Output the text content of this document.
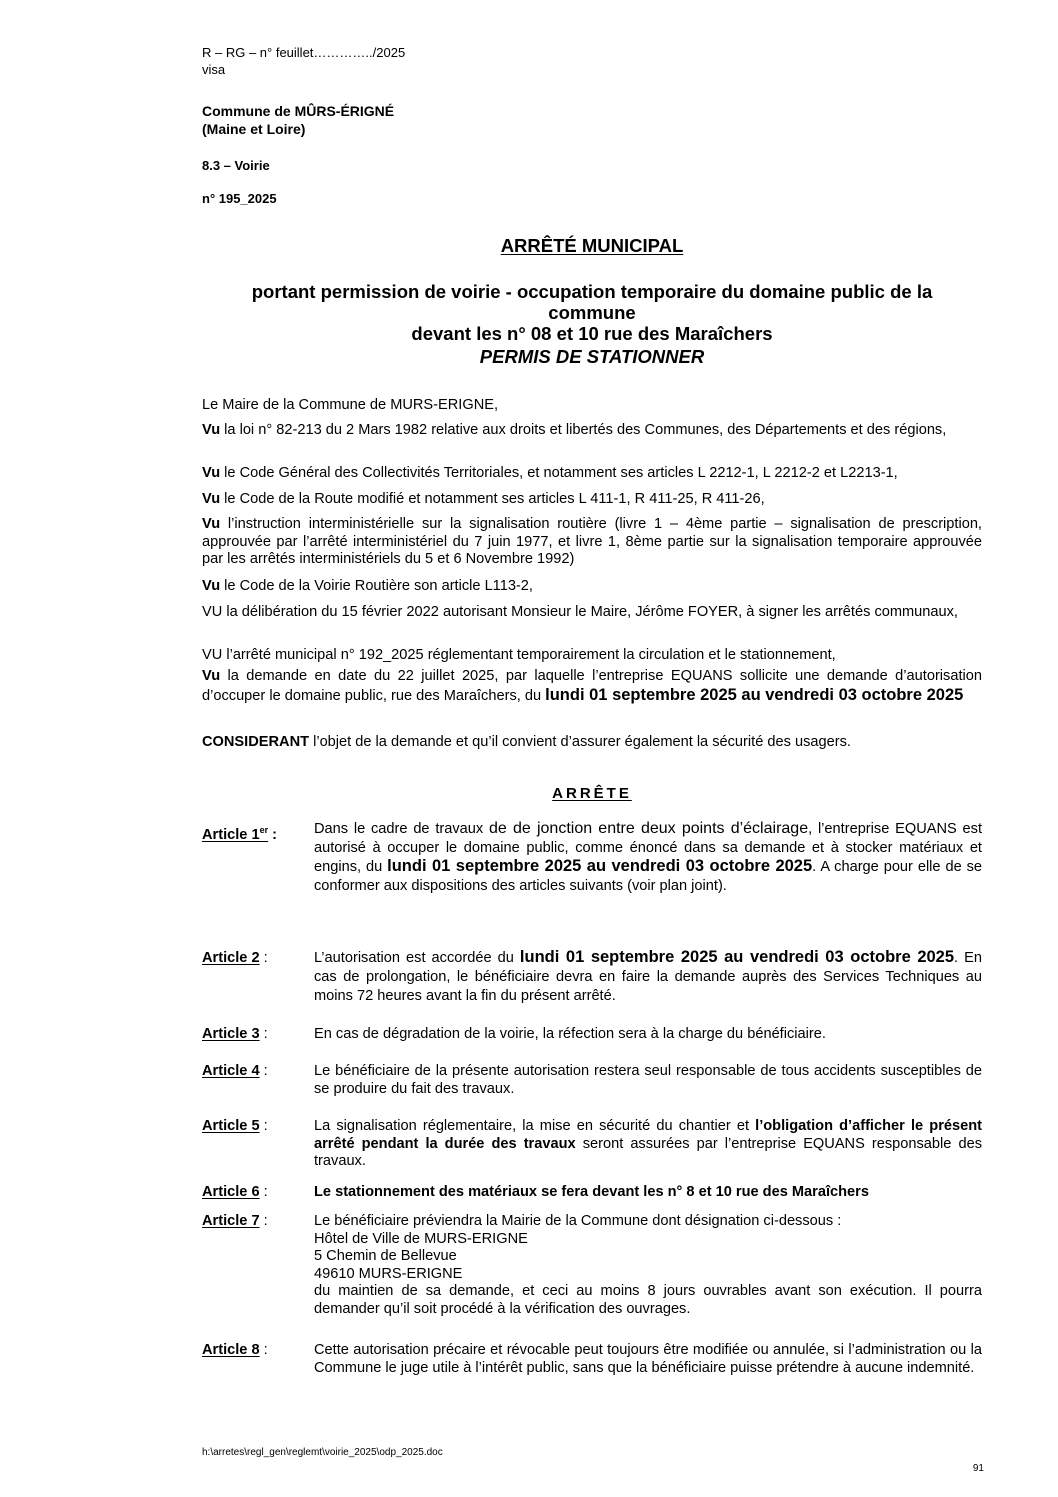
R – RG – n° feuillet…………../2025
visa
Commune de MÛRS-ÉRIGNÉ
(Maine et Loire)
8.3 – Voirie
n° 195_2025
ARRÊTÉ MUNICIPAL
portant permission de voirie - occupation temporaire du domaine public de la
commune
devant les n° 08 et 10 rue des Maraîchers
PERMIS DE STATIONNER
Le Maire de la Commune de MURS-ERIGNE,
Vu la loi n° 82-213 du 2 Mars 1982 relative aux droits et libertés des Communes, des Départements et des régions,
Vu le Code Général des Collectivités Territoriales, et notamment ses articles L 2212-1, L 2212-2 et L2213-1,
Vu le Code de la Route modifié et notamment ses articles L 411-1, R 411-25, R 411-26,
Vu l’instruction interministérielle sur la signalisation routière (livre 1 – 4ème partie – signalisation de prescription, approuvée par l’arrêté interministériel du 7 juin 1977, et livre 1, 8ème partie sur la signalisation temporaire approuvée par les arrêtés interministériels du 5 et 6 Novembre 1992)
Vu le Code de la Voirie Routière son article L113-2,
VU la délibération du 15 février 2022 autorisant Monsieur le Maire, Jérôme FOYER, à signer les arrêtés communaux,
VU l’arrêté municipal n° 192_2025 réglementant temporairement la circulation et le stationnement,
Vu la demande en date du 22 juillet 2025, par laquelle l’entreprise EQUANS sollicite une demande d’autorisation d’occuper le domaine public, rue des Maraîchers, du lundi 01 septembre 2025 au vendredi 03 octobre 2025
CONSIDERANT l’objet de la demande et qu’il convient d’assurer également la sécurité des usagers.
ARRÊTE
Article 1er :	Dans le cadre de travaux de de jonction entre deux points d’éclairage, l’entreprise EQUANS est autorisé à occuper le domaine public, comme énoncé dans sa demande et à stocker matériaux et engins, du lundi 01 septembre 2025 au vendredi 03 octobre 2025. A charge pour elle de se conformer aux dispositions des articles suivants (voir plan joint).
Article 2 :	L’autorisation est accordée du lundi 01 septembre 2025 au vendredi 03 octobre 2025. En cas de prolongation, le bénéficiaire devra en faire la demande auprès des Services Techniques au moins 72 heures avant la fin du présent arrêté.
Article 3 :	En cas de dégradation de la voirie, la réfection sera à la charge du bénéficiaire.
Article 4 :	Le bénéficiaire de la présente autorisation restera seul responsable de tous accidents susceptibles de se produire du fait des travaux.
Article 5 :	La signalisation réglementaire, la mise en sécurité du chantier et l’obligation d’afficher le présent arrêté pendant la durée des travaux seront assurées par l’entreprise EQUANS responsable des travaux.
Article 6 :	Le stationnement des matériaux se fera devant les n° 8 et 10 rue des Maraîchers
Article 7 :	Le bénéficiaire préviendra la Mairie de la Commune dont désignation ci-dessous :
Hôtel de Ville de MURS-ERIGNE
5 Chemin de Bellevue
49610 MURS-ERIGNE
du maintien de sa demande, et ceci au moins 8 jours ouvrables avant son exécution. Il pourra demander qu’il soit procédé à la vérification des ouvrages.
Article 8 :	Cette autorisation précaire et révocable peut toujours être modifiée ou annulée, si l’administration ou la Commune le juge utile à l’intérêt public, sans que la bénéficiaire puisse prétendre à aucune indemnité.
h:\arretes\regl_gen\reglemt\voirie_2025\odp_2025.doc
91
